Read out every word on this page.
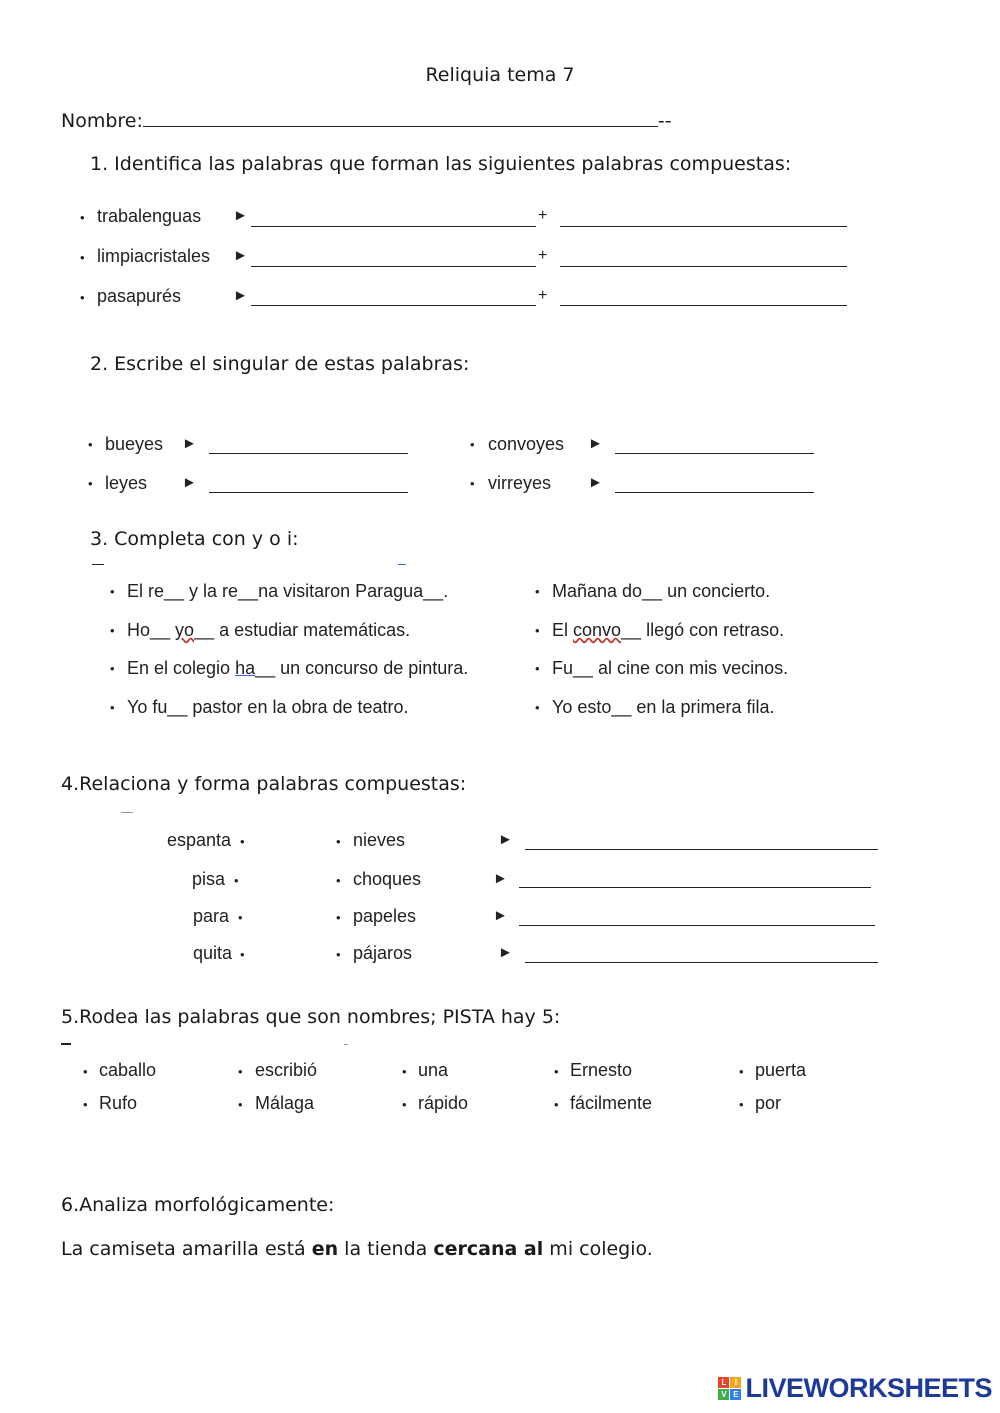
Reliquia tema 7
Nombre:	--
1. Identifica las palabras que forman las siguientes palabras compuestas:
• trabalenguas ►	+
• limpiacristales ►	+
• pasapurés	►	+
2. Escribe el singular de estas palabras:
• bueyes ►	• convoyes ►
• leyes ►	• virreyes ►
3. Completa con y o i:
• El re__ y la re__na visitaron Paragua__.
• Ho__ yo__ a estudiar matemáticas.
• En el colegio ha__ un concurso de pintura.
• Yo fu__ pastor en la obra de teatro.
• Mañana do__ un concierto.
• El convo__ llegó con retraso.
• Fu__ al cine con mis vecinos.
• Yo esto__ en la primera fila.
4.Relaciona y forma palabras compuestas:
espanta •	• nieves	►
pisa •	• choques	►
para •	• papeles	►
quita •	• pájaros	►
5.Rodea las palabras que son nombres; PISTA hay 5:
• caballo	• escribió	• una	• Ernesto	• puerta
• Rufo	• Málaga	• rápido	• fácilmente	• por
6.Analiza morfológicamente:
La camiseta amarilla está en la tienda cercana al mi colegio.
L	I
V E LIVEWORKSHEETS
